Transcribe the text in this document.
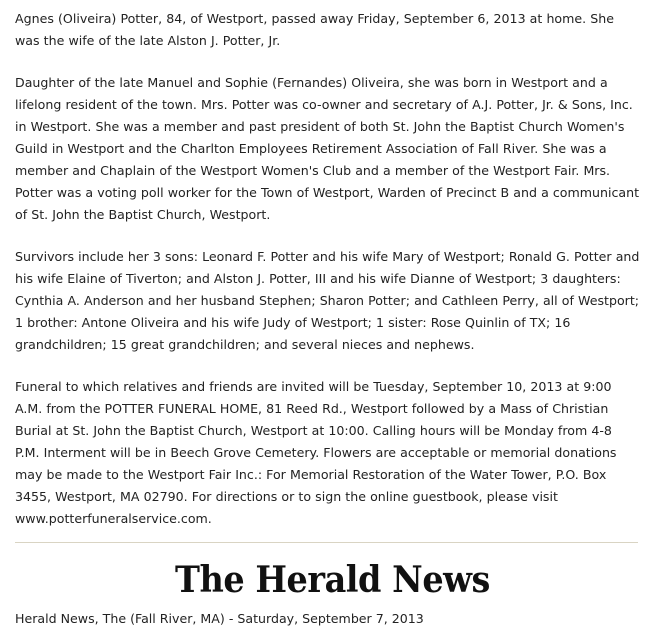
Agnes (Oliveira) Potter, 84, of Westport, passed away Friday, September 6, 2013 at home. She was the wife of the late Alston J. Potter, Jr.

Daughter of the late Manuel and Sophie (Fernandes) Oliveira, she was born in Westport and a lifelong resident of the town. Mrs. Potter was co-owner and secretary of A.J. Potter, Jr. & Sons, Inc. in Westport. She was a member and past president of both St. John the Baptist Church Women's Guild in Westport and the Charlton Employees Retirement Association of Fall River. She was a member and Chaplain of the Westport Women's Club and a member of the Westport Fair. Mrs. Potter was a voting poll worker for the Town of Westport, Warden of Precinct B and a communicant of St. John the Baptist Church, Westport.

Survivors include her 3 sons: Leonard F. Potter and his wife Mary of Westport; Ronald G. Potter and his wife Elaine of Tiverton; and Alston J. Potter, III and his wife Dianne of Westport; 3 daughters: Cynthia A. Anderson and her husband Stephen; Sharon Potter; and Cathleen Perry, all of Westport; 1 brother: Antone Oliveira and his wife Judy of Westport; 1 sister: Rose Quinlin of TX; 16 grandchildren; 15 great grandchildren; and several nieces and nephews.

Funeral to which relatives and friends are invited will be Tuesday, September 10, 2013 at 9:00 A.M. from the POTTER FUNERAL HOME, 81 Reed Rd., Westport followed by a Mass of Christian Burial at St. John the Baptist Church, Westport at 10:00. Calling hours will be Monday from 4-8 P.M. Interment will be in Beech Grove Cemetery. Flowers are acceptable or memorial donations may be made to the Westport Fair Inc.: For Memorial Restoration of the Water Tower, P.O. Box 3455, Westport, MA 02790. For directions or to sign the online guestbook, please visit www.potterfuneralservice.com.

The Herald News
Herald News, The (Fall River, MA) - Saturday, September 7, 2013
